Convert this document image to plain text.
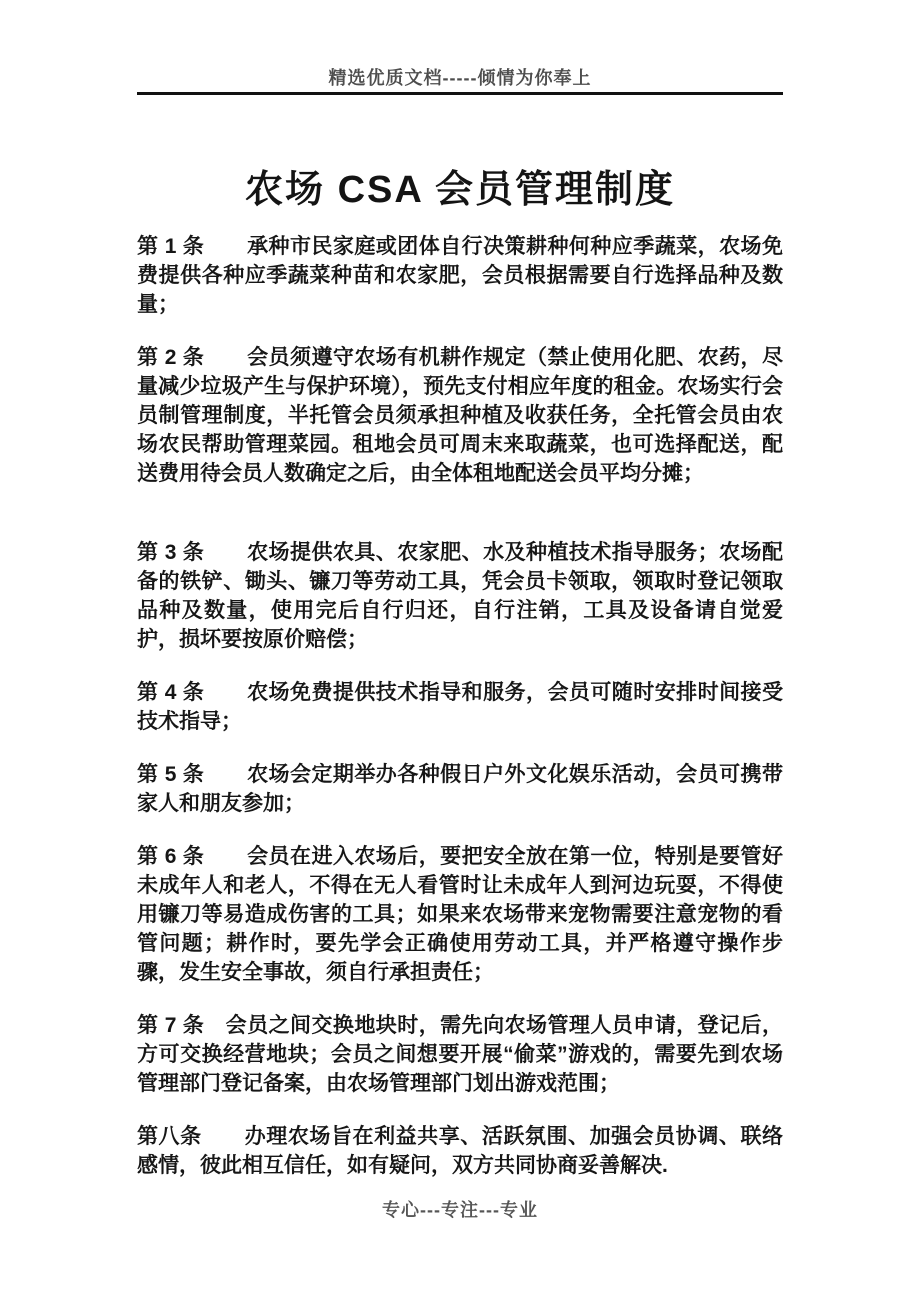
精选优质文档-----倾情为你奉上
农场 CSA 会员管理制度

第 1 条　　承种市民家庭或团体自行决策耕种何种应季蔬菜，农场免费提供各种应季蔬菜种苗和农家肥，会员根据需要自行选择品种及数量；

第 2 条　　会员须遵守农场有机耕作规定（禁止使用化肥、农药，尽量减少垃圾产生与保护环境），预先支付相应年度的租金。农场实行会员制管理制度，半托管会员须承担种植及收获任务，全托管会员由农场农民帮助管理菜园。租地会员可周末来取蔬菜，也可选择配送，配送费用待会员人数确定之后，由全体租地配送会员平均分摊；

第 3 条　　农场提供农具、农家肥、水及种植技术指导服务；农场配备的铁铲、锄头、镰刀等劳动工具，凭会员卡领取，领取时登记领取品种及数量，使用完后自行归还，自行注销，工具及设备请自觉爱护，损坏要按原价赔偿；

第 4 条　　农场免费提供技术指导和服务，会员可随时安排时间接受技术指导；

第 5 条　　农场会定期举办各种假日户外文化娱乐活动，会员可携带家人和朋友参加；

第 6 条　　会员在进入农场后，要把安全放在第一位，特别是要管好未成年人和老人，不得在无人看管时让未成年人到河边玩耍，不得使用镰刀等易造成伤害的工具；如果来农场带来宠物需要注意宠物的看管问题；耕作时，要先学会正确使用劳动工具，并严格遵守操作步骤，发生安全事故，须自行承担责任；

第 7 条　会员之间交换地块时，需先向农场管理人员申请，登记后，方可交换经营地块；会员之间想要开展“偷菜”游戏的，需要先到农场管理部门登记备案，由农场管理部门划出游戏范围；

第八条　　办理农场旨在利益共享、活跃氛围、加强会员协调、联络感情，彼此相互信任，如有疑问，双方共同协商妥善解决.

专心---专注---专业
